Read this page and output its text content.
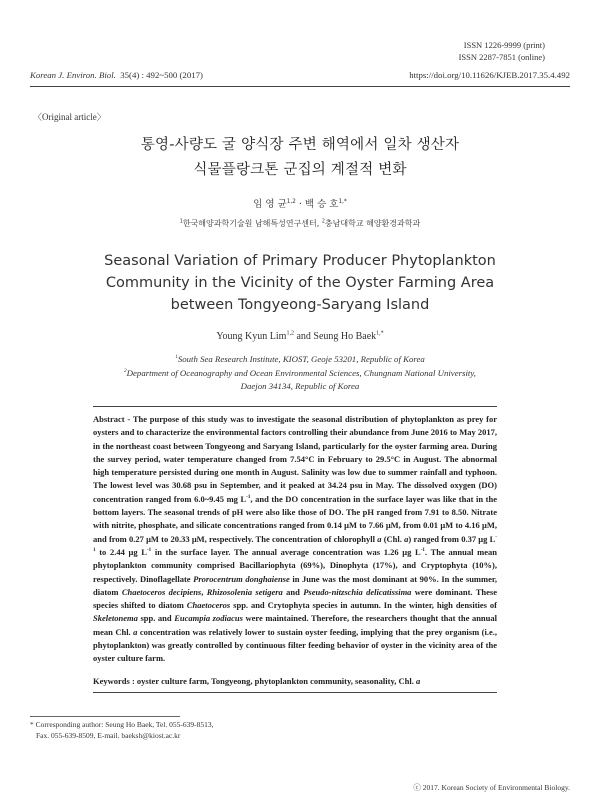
ISSN 1226-9999 (print)
ISSN 2287-7851 (online)
Korean J. Environ. Biol. 35(4) : 492~500 (2017)	https://doi.org/10.11626/KJEB.2017.35.4.492
〈Original article〉
통영-사량도 굴 양식장 주변 해역에서 일차 생산자
식물플랑크톤 군집의 계절적 변화
임 영 균$^{1,2}$ · 백 승 호$^{1,*}$
$^1$한국해양과학기술원 남해특성연구센터, $^2$충남대학교 해양환경과학과
Seasonal Variation of Primary Producer Phytoplankton
Community in the Vicinity of the Oyster Farming Area
between Tongyeong-Saryang Island
Young Kyun Lim$^{1,2}$ and Seung Ho Baek$^{1,*}$
$^1$South Sea Research Institute, KIOST, Geoje 53201, Republic of Korea
$^2$Department of Oceanography and Ocean Environmental Sciences, Chungnam National University,
Daejon 34134, Republic of Korea
Abstract - The purpose of this study was to investigate the seasonal distribution of phytoplankton as prey for oysters and to characterize the environmental factors controlling their abundance from June 2016 to May 2017, in the northeast coast between Tongyeong and Saryang Island, particularly for the oyster farming area. During the survey period, water temperature changed from 7.54°C in February to 29.5°C in August. The abnormal high temperature persisted during one month in August. Salinity was low due to summer rainfall and typhoon. The lowest level was 30.68 psu in September, and it peaked at 34.24 psu in May. The dissolved oxygen (DO) concentration ranged from 6.0~9.45 mg $L^{-1}$, and the DO concentration in the surface layer was like that in the bottom layers. The seasonal trends of pH were also like those of DO. The pH ranged from 7.91 to 8.50. Nitrate with nitrite, phosphate, and silicate concentrations ranged from 0.14 μM to 7.66 μM, from 0.01 μM to 4.16 μM, and from 0.27 μM to 20.33 μM, respectively. The concentration of chlorophyll a (Chl. a) ranged from 0.37 μg $L^{-1}$ to 2.44 μg $L^{-1}$ in the surface layer. The annual average concentration was 1.26 μg $L^{-1}$. The annual mean phytoplankton community comprised Bacillariophyta (69%), Dinophyta (17%), and Cryptophyta (10%), respectively. Dinoflagellate Prorocentrum donghaiense in June was the most dominant at 90%. In the summer, diatom Chaetoceros decipiens, Rhizosolenia setigera and Pseudo-nitzschia delicatissima were dominant. These species shifted to diatom Chaetoceros spp. and Crytophyta species in autumn. In the winter, high densities of Skeletonema spp. and Eucampia zodiacus were maintained. Therefore, the researchers thought that the annual mean Chl. a concentration was relatively lower to sustain oyster feeding, implying that the prey organism (i.e., phytoplankton) was greatly controlled by continuous filter feeding behavior of oyster in the vicinity area of the oyster culture farm.
Keywords : oyster culture farm, Tongyeong, phytoplankton community, seasonality, Chl. a
* Corresponding author: Seung Ho Baek, Tel. 055-639-8513,
Fax. 055-639-8509, E-mail. baeksh@kiost.ac.kr
ⓒ 2017. Korean Society of Environmental Biology.
